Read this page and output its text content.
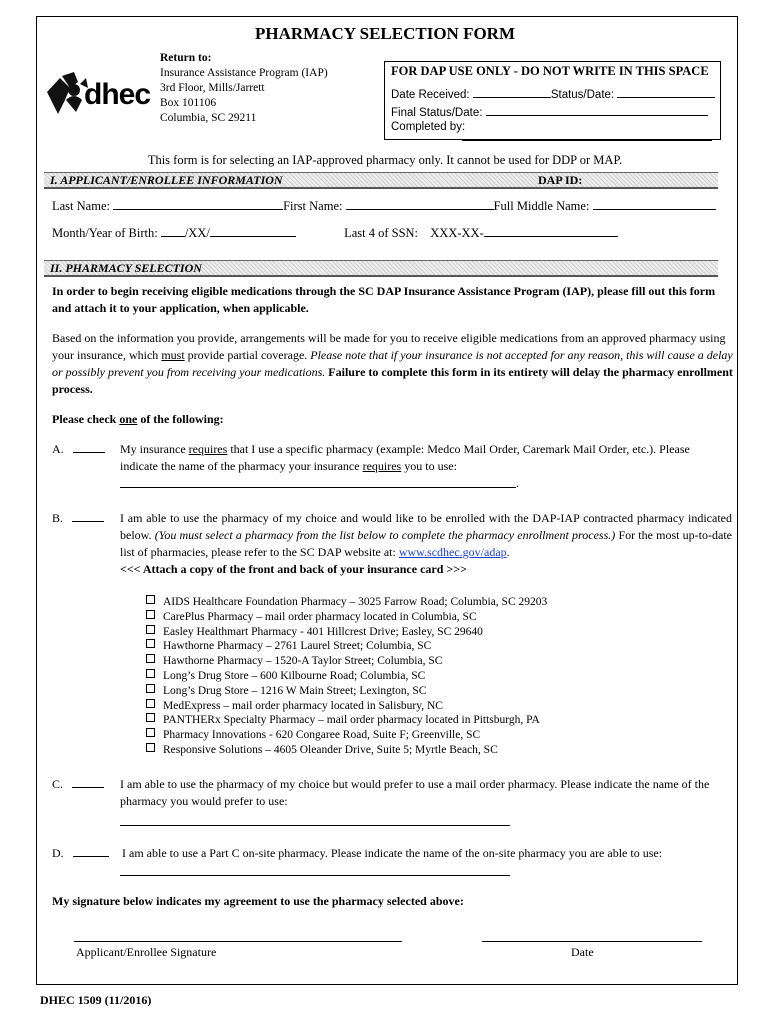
PHARMACY SELECTION FORM
dhec
Return to:
Insurance Assistance Program (IAP)
3rd Floor, Mills/Jarrett
Box 101106
Columbia, SC 29211
FOR DAP USE ONLY - DO NOT WRITE IN THIS SPACE
Date Received:	Status/Date:
Final Status/Date:
Completed by:
This form is for selecting an IAP-approved pharmacy only. It cannot be used for DDP or MAP.
I. APPLICANT/ENROLLEE INFORMATION	DAP ID:
Last Name:	First Name:	Full Middle Name:
Month/Year of Birth: /XX/	Last 4 of SSN: XXX-XX-
II. PHARMACY SELECTION
In order to begin receiving eligible medications through the SC DAP Insurance Assistance Program (IAP), please fill out this form and attach it to your application, when applicable.
Based on the information you provide, arrangements will be made for you to receive eligible medications from an approved pharmacy using your insurance, which must provide partial coverage. Please note that if your insurance is not accepted for any reason, this will cause a delay or possibly prevent you from receiving your medications. Failure to complete this form in its entirety will delay the pharmacy enrollment process.
Please check one of the following:
A.	My insurance requires that I use a specific pharmacy (example: Medco Mail Order, Caremark Mail Order, etc.). Please indicate the name of the pharmacy your insurance requires you to use:
.
B.	I am able to use the pharmacy of my choice and would like to be enrolled with the DAP-IAP contracted pharmacy indicated below. (You must select a pharmacy from the list below to complete the pharmacy enrollment process.) For the most up-to-date list of pharmacies, please refer to the SC DAP website at: www.scdhec.gov/adap.
<<< Attach a copy of the front and back of your insurance card >>>
AIDS Healthcare Foundation Pharmacy – 3025 Farrow Road; Columbia, SC 29203
CarePlus Pharmacy – mail order pharmacy located in Columbia, SC
Easley Healthmart Pharmacy - 401 Hillcrest Drive; Easley, SC 29640
Hawthorne Pharmacy – 2761 Laurel Street; Columbia, SC
Hawthorne Pharmacy – 1520-A Taylor Street; Columbia, SC
Long’s Drug Store – 600 Kilbourne Road; Columbia, SC
Long’s Drug Store – 1216 W Main Street; Lexington, SC
MedExpress – mail order pharmacy located in Salisbury, NC
PANTHERx Specialty Pharmacy – mail order pharmacy located in Pittsburgh, PA
Pharmacy Innovations - 620 Congaree Road, Suite F; Greenville, SC
Responsive Solutions – 4605 Oleander Drive, Suite 5; Myrtle Beach, SC
C.	I am able to use the pharmacy of my choice but would prefer to use a mail order pharmacy. Please indicate the name of the pharmacy you would prefer to use:
D.	I am able to use a Part C on-site pharmacy. Please indicate the name of the on-site pharmacy you are able to use:
My signature below indicates my agreement to use the pharmacy selected above:
Applicant/Enrollee Signature	Date
DHEC 1509 (11/2016)
